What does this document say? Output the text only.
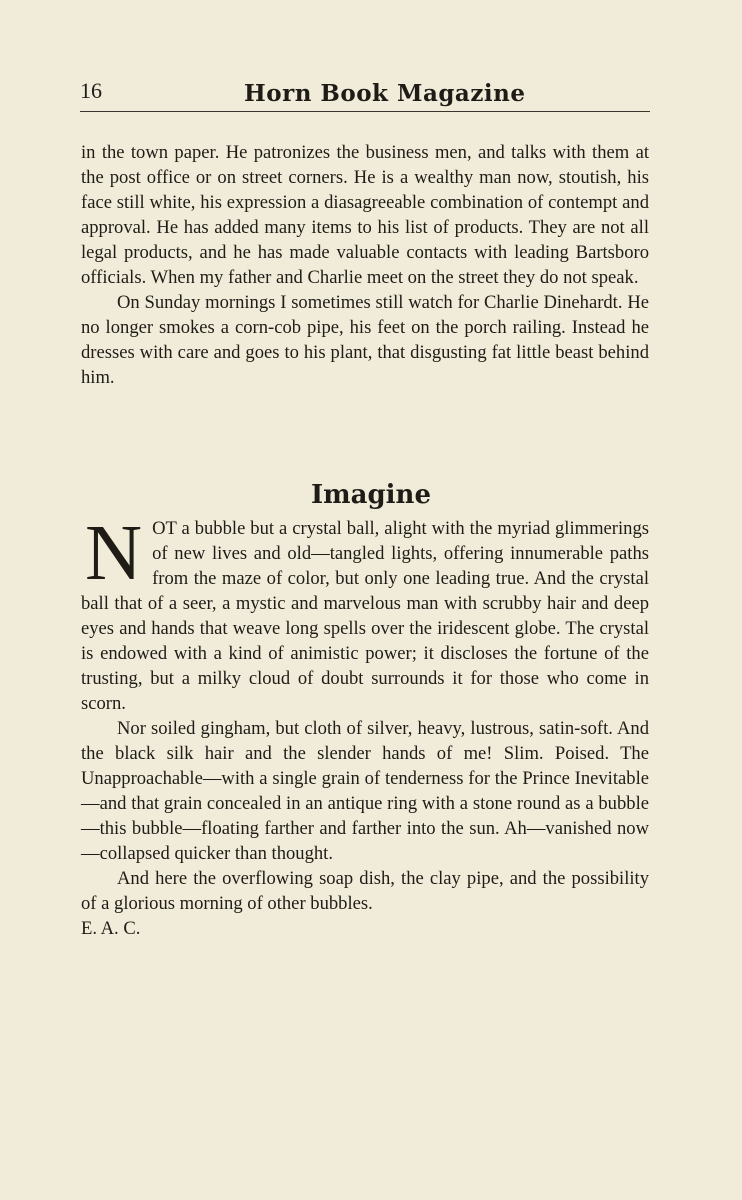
16	Horn Book Magazine

in the town paper. He patronizes the business men, and talks with them at the post office or on street corners. He is a wealthy man now, stoutish, his face still white, his expression a diasagreeable combination of contempt and approval. He has added many items to his list of products. They are not all legal products, and he has made valuable contacts with leading Bartsboro officials. When my father and Charlie meet on the street they do not speak.

On Sunday mornings I sometimes still watch for Charlie Dinehardt. He no longer smokes a corn-cob pipe, his feet on the porch railing. Instead he dresses with care and goes to his plant, that disgusting fat little beast behind him.

Imagine

NOT a bubble but a crystal ball, alight with the myriad glimmerings of new lives and old—tangled lights, offering innumerable paths from the maze of color, but only one leading true. And the crystal ball that of a seer, a mystic and marvelous man with scrubby hair and deep eyes and hands that weave long spells over the iridescent globe. The crystal is endowed with a kind of animistic power; it discloses the fortune of the trusting, but a milky cloud of doubt surrounds it for those who come in scorn.

Nor soiled gingham, but cloth of silver, heavy, lustrous, satin-soft. And the black silk hair and the slender hands of me! Slim. Poised. The Unapproachable—with a single grain of tenderness for the Prince Inevitable—and that grain concealed in an antique ring with a stone round as a bubble—this bubble—floating farther and farther into the sun. Ah—vanished now—collapsed quicker than thought.

And here the overflowing soap dish, the clay pipe, and the possibility of a glorious morning of other bubbles.

E. A. C.
